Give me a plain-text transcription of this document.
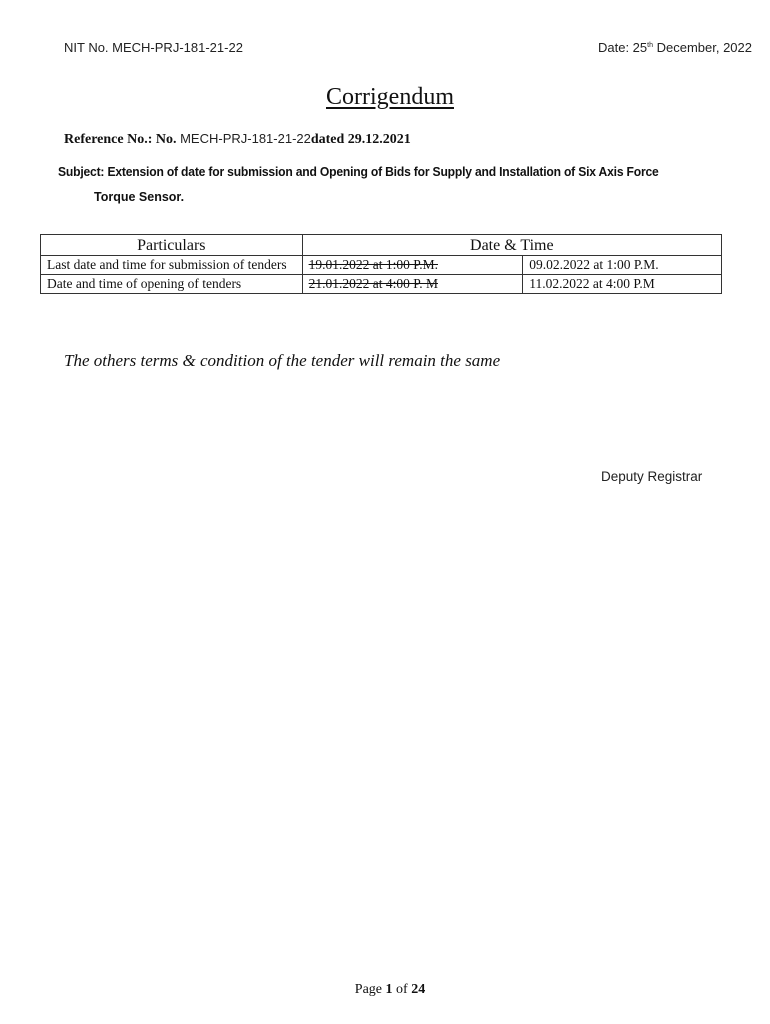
NIT No. MECH-PRJ-181-21-22	Date: 25th December, 2022
Corrigendum
Reference No.: No. MECH-PRJ-181-21-22dated 29.12.2021
Subject: Extension of date for submission and Opening of Bids for Supply and Installation of Six Axis Force
Torque Sensor.
Particulars	Date & Time	
Last date and time for submission of tenders	19.01.2022 at 1:00 P.M.	09.02.2022 at 1:00 P.M.
Date and time of opening of tenders	21.01.2022 at 4:00 P. M	11.02.2022 at 4:00 P.M
The others terms & condition of the tender will remain the same
Deputy Registrar
Page 1 of 24
